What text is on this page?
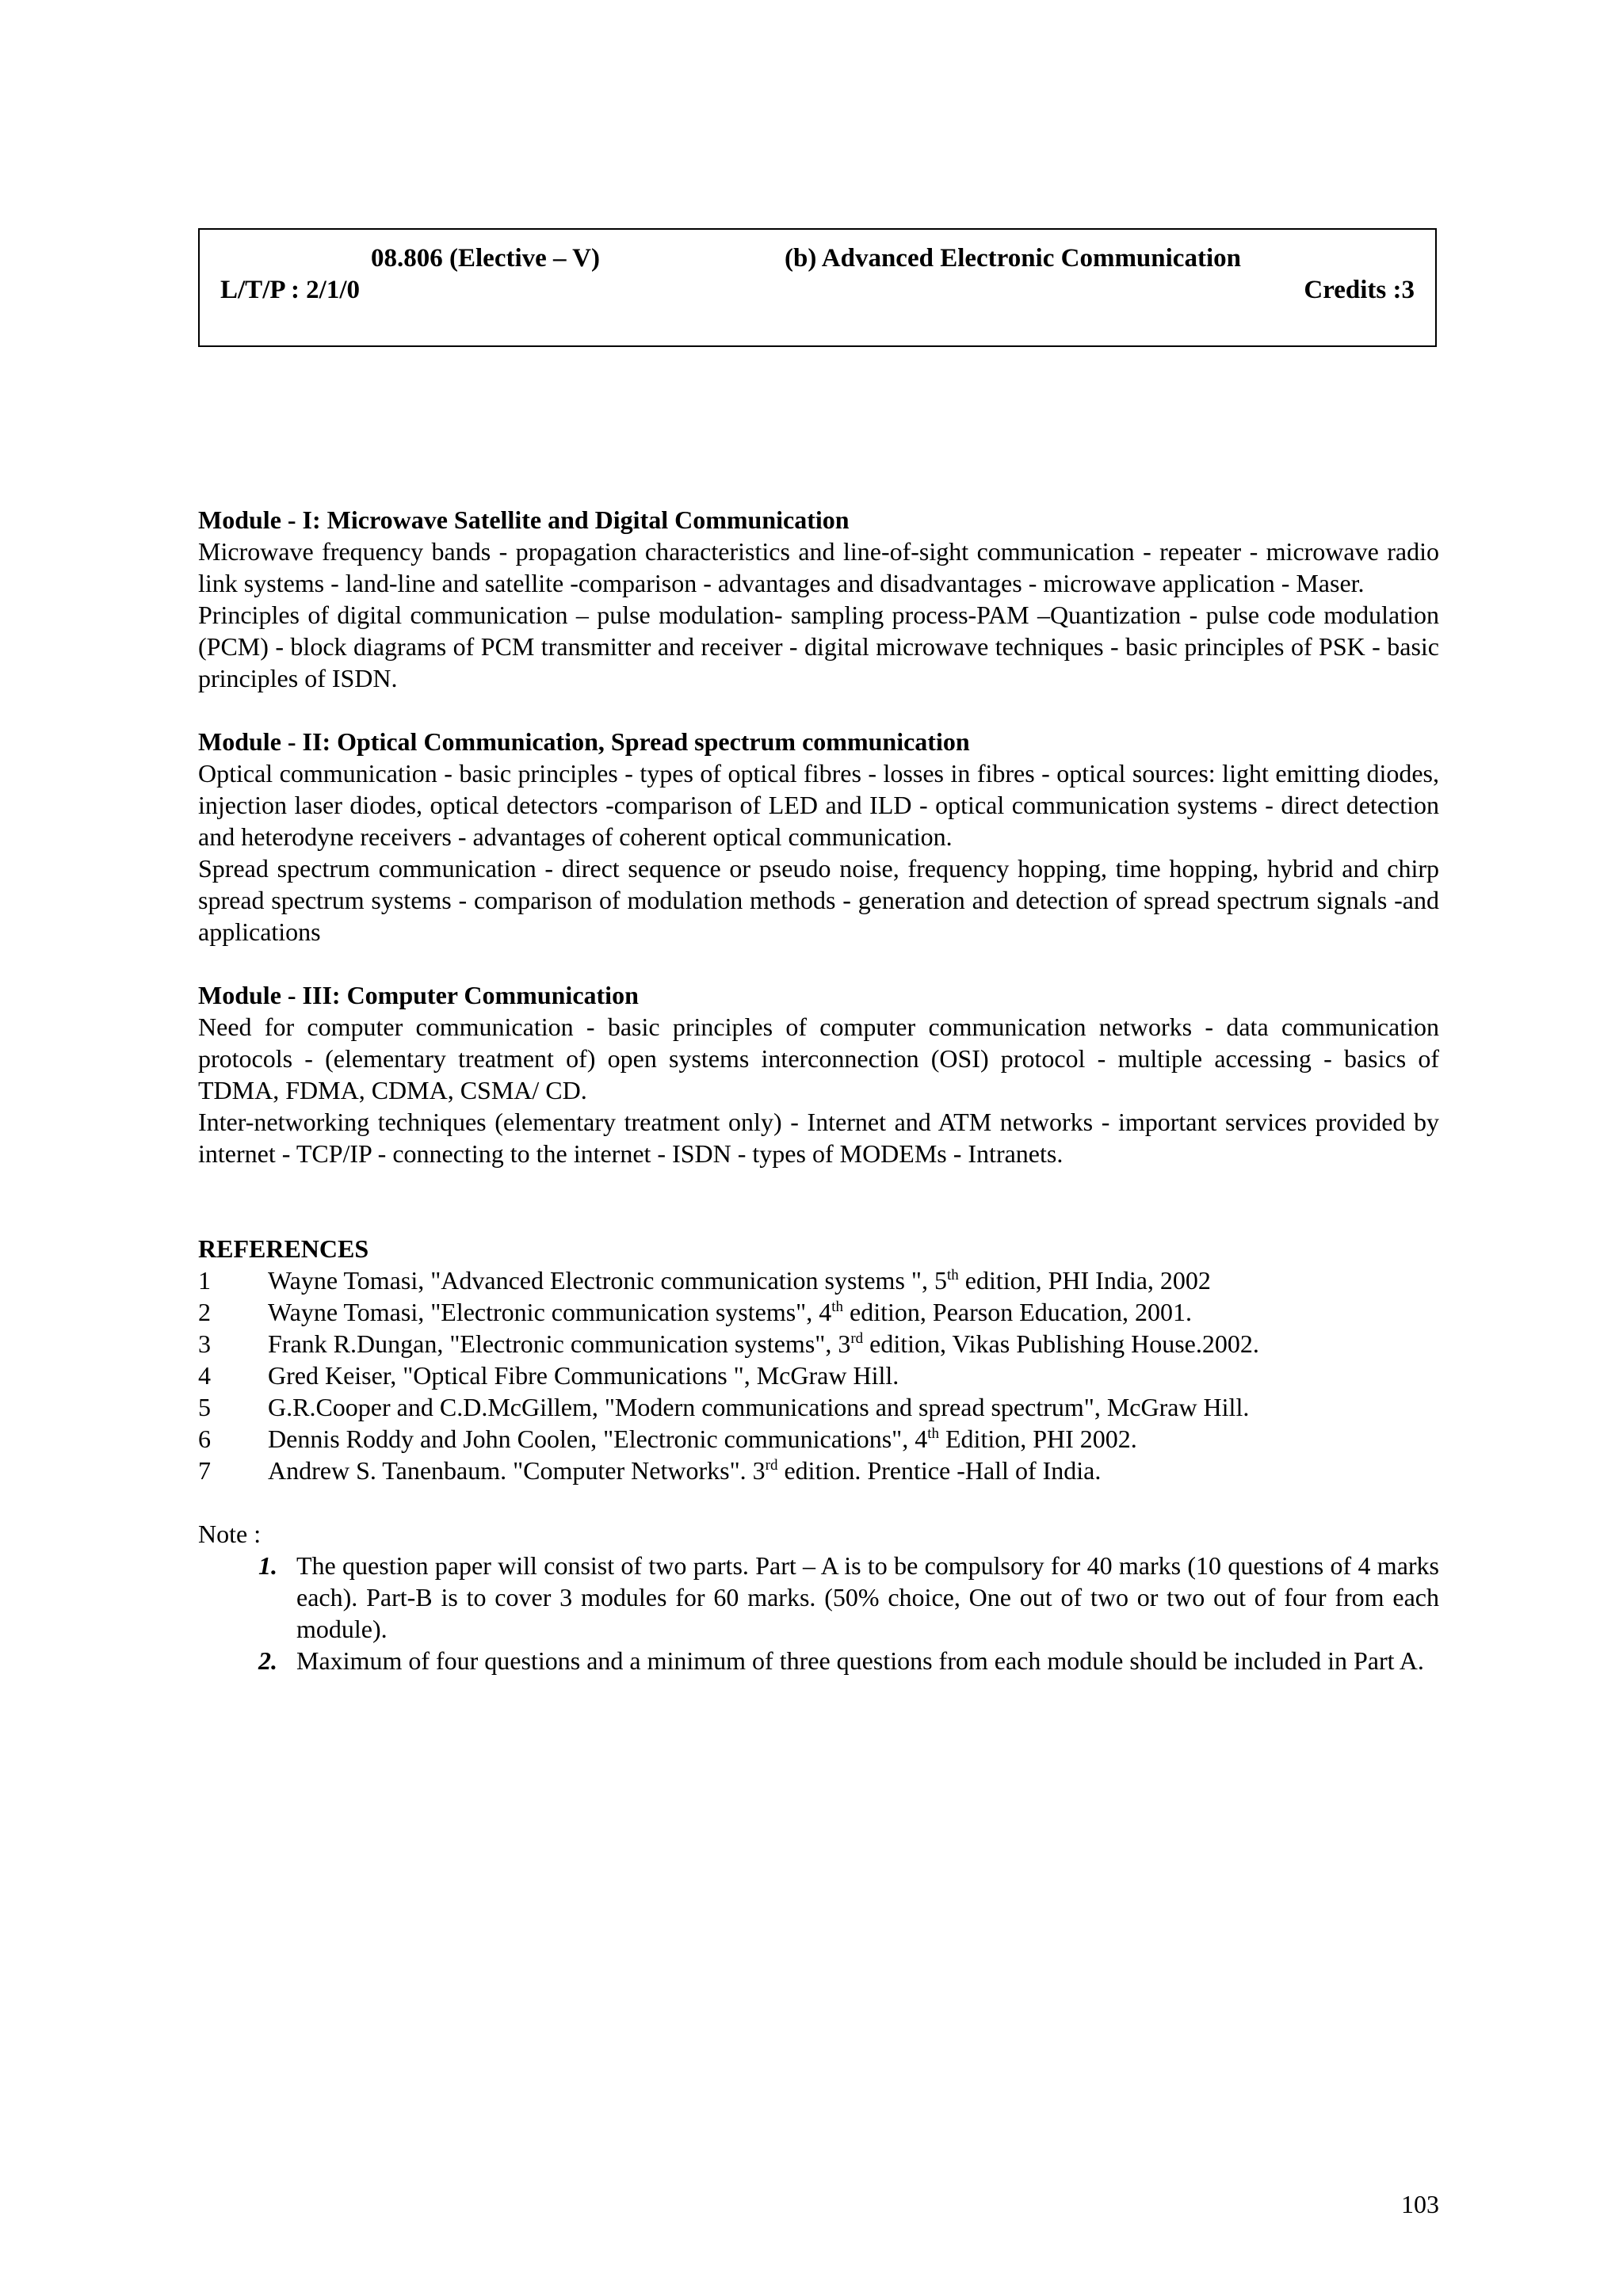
08.806 (Elective – V)	(b) Advanced Electronic Communication
L/T/P : 2/1/0	Credits :3
Module - I: Microwave Satellite and Digital Communication
Microwave frequency bands - propagation characteristics and line-of-sight communication - repeater - microwave radio link systems - land-line and satellite -comparison - advantages and disadvantages - microwave application - Maser.
Principles of digital communication – pulse modulation- sampling process-PAM –Quantization - pulse code modulation (PCM) - block diagrams of PCM transmitter and receiver - digital microwave techniques - basic principles of PSK - basic principles of ISDN.
Module - II: Optical Communication, Spread spectrum communication
Optical communication - basic principles - types of optical fibres - losses in fibres - optical sources: light emitting diodes, injection laser diodes, optical detectors -comparison of LED and ILD - optical communication systems - direct detection and heterodyne receivers - advantages of coherent optical communication.
Spread spectrum communication - direct sequence or pseudo noise, frequency hopping, time hopping, hybrid and chirp spread spectrum systems - comparison of modulation methods - generation and detection of spread spectrum signals -and applications
Module - III: Computer Communication
Need for computer communication - basic principles of computer communication networks - data communication protocols - (elementary treatment of) open systems interconnection (OSI) protocol - multiple accessing - basics of TDMA, FDMA, CDMA, CSMA/ CD.
Inter-networking techniques (elementary treatment only) - Internet and ATM networks - important services provided by internet - TCP/IP - connecting to the internet - ISDN - types of MODEMs - Intranets.
REFERENCES
1	Wayne Tomasi, "Advanced Electronic communication systems ", 5th edition, PHI India, 2002
2	Wayne Tomasi, "Electronic communication systems", 4th edition, Pearson Education, 2001.
3	Frank R.Dungan, "Electronic communication systems", 3rd edition, Vikas Publishing House.2002.
4	Gred Keiser, "Optical Fibre Communications ", McGraw Hill.
5	G.R.Cooper and C.D.McGillem, "Modern communications and spread spectrum", McGraw Hill.
6	Dennis Roddy and John Coolen, "Electronic communications", 4th Edition, PHI 2002.
7	Andrew S. Tanenbaum. "Computer Networks". 3rd edition. Prentice -Hall of India.
Note :
1. The question paper will consist of two parts. Part – A is to be compulsory for 40 marks (10 questions of 4 marks each). Part-B is to cover 3 modules for 60 marks. (50% choice, One out of two or two out of four from each module).
2. Maximum of four questions and a minimum of three questions from each module should be included in Part A.
103
